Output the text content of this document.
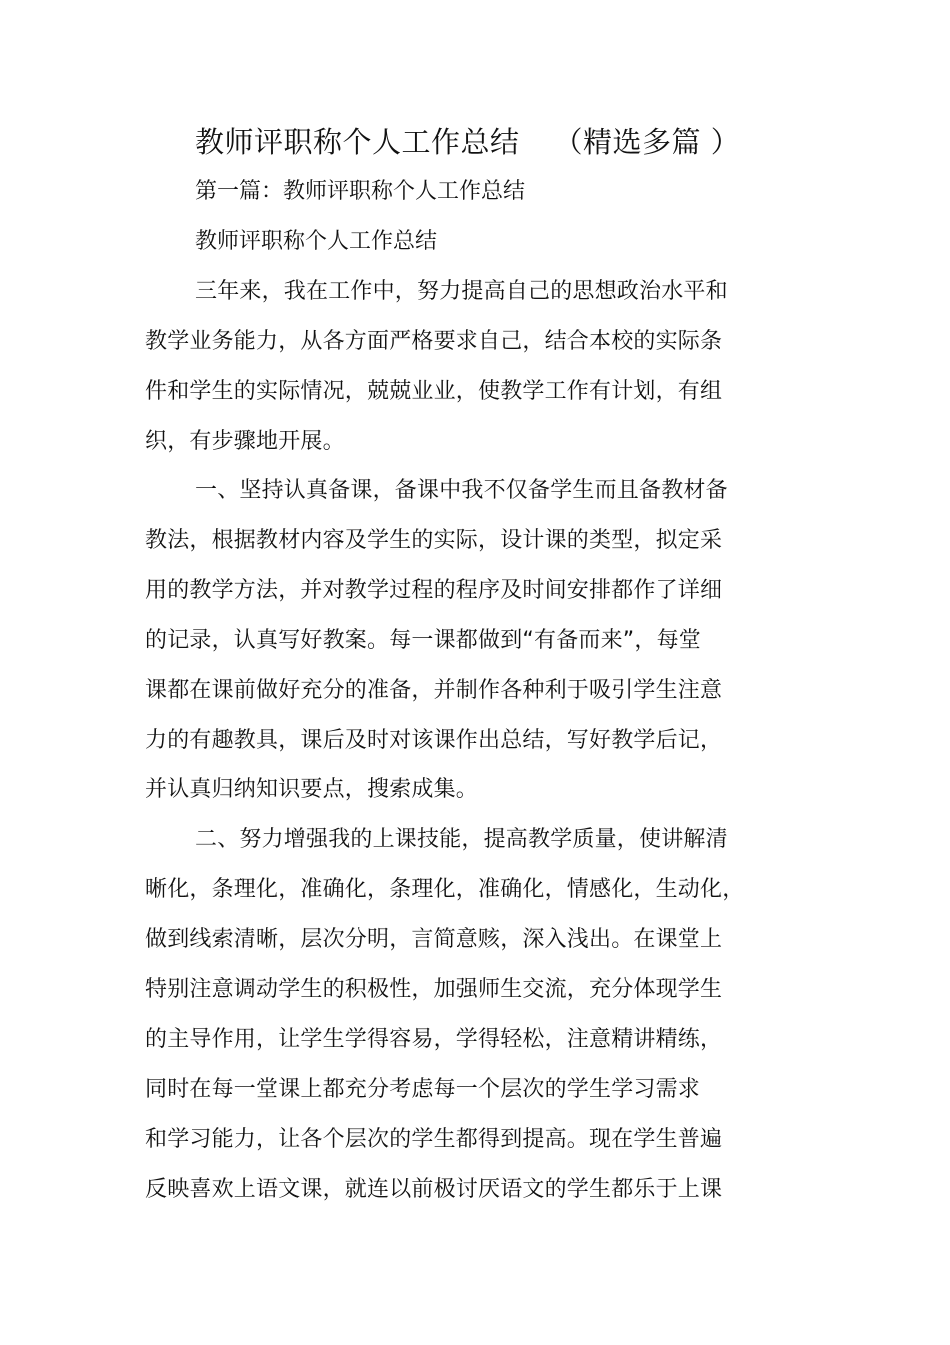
教师评职称个人工作总结 （精选多篇 ）
第一篇：教师评职称个人工作总结
教师评职称个人工作总结
三年来，我在工作中，努力提高自己的思想政治水平和
教学业务能力，从各方面严格要求自己，结合本校的实际条
件和学生的实际情况，兢兢业业，使教学工作有计划，有组
织，有步骤地开展。
一、坚持认真备课，备课中我不仅备学生而且备教材备
教法，根据教材内容及学生的实际，设计课的类型，拟定采
用的教学方法，并对教学过程的程序及时间安排都作了详细
的记录，认真写好教案。每一课都做到“有备而来”，每堂
课都在课前做好充分的准备，并制作各种利于吸引学生注意
力的有趣教具，课后及时对该课作出总结，写好教学后记，
并认真归纳知识要点，搜索成集。
二、努力增强我的上课技能，提高教学质量，使讲解清
晰化，条理化，准确化，条理化，准确化，情感化，生动化，
做到线索清晰，层次分明，言简意赅，深入浅出。在课堂上
特别注意调动学生的积极性，加强师生交流，充分体现学生
的主导作用，让学生学得容易，学得轻松，注意精讲精练，
同时在每一堂课上都充分考虑每一个层次的学生学习需求
和学习能力，让各个层次的学生都得到提高。现在学生普遍
反映喜欢上语文课，就连以前极讨厌语文的学生都乐于上课
